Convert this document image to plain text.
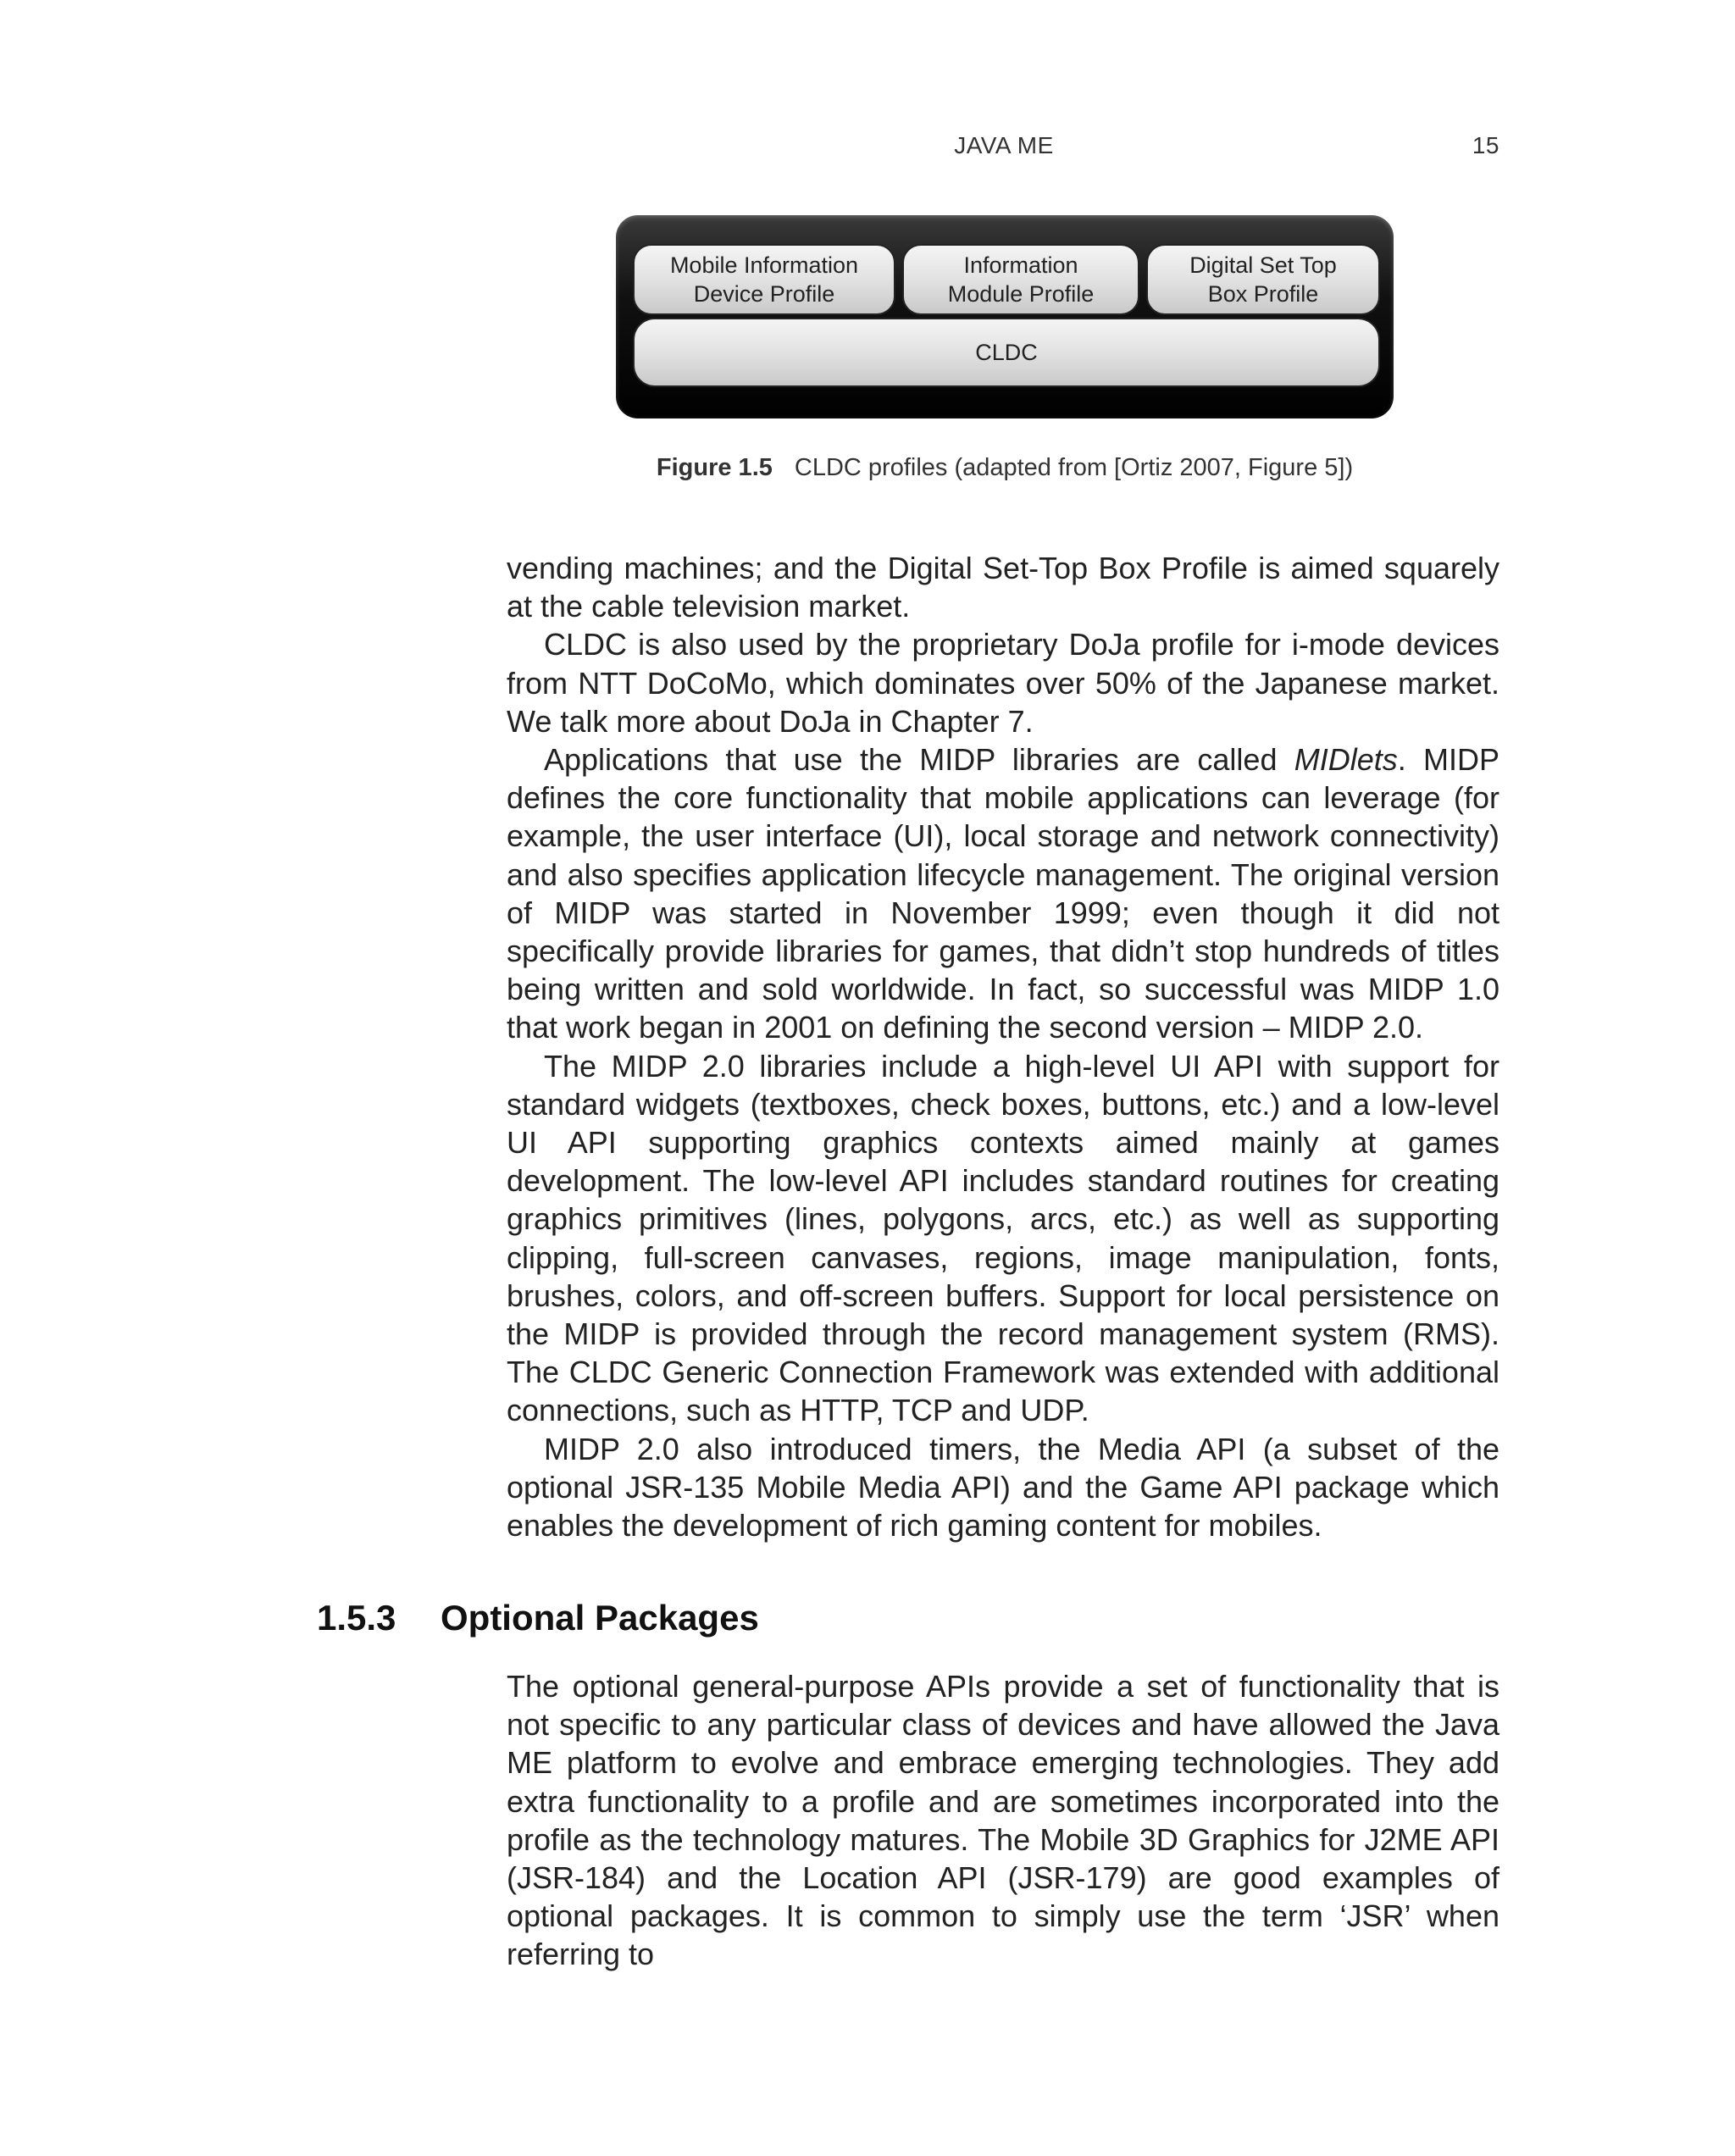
JAVA ME	15
Mobile Information
Device Profile
Information
Module Profile
Digital Set Top
Box Profile
CLDC
Figure 1.5 CLDC profiles (adapted from [Ortiz 2007, Figure 5])

vending machines; and the Digital Set-Top Box Profile is aimed squarely at the cable television market.

CLDC is also used by the proprietary DoJa profile for i-mode devices from NTT DoCoMo, which dominates over 50% of the Japanese market. We talk more about DoJa in Chapter 7.

Applications that use the MIDP libraries are called MIDlets. MIDP defines the core functionality that mobile applications can leverage (for example, the user interface (UI), local storage and network connectivity) and also specifies application lifecycle management. The original version of MIDP was started in November 1999; even though it did not specifically provide libraries for games, that didn’t stop hundreds of titles being written and sold worldwide. In fact, so successful was MIDP 1.0 that work began in 2001 on defining the second version – MIDP 2.0.

The MIDP 2.0 libraries include a high-level UI API with support for standard widgets (textboxes, check boxes, buttons, etc.) and a low-level UI API supporting graphics contexts aimed mainly at games development. The low-level API includes standard routines for creating graphics primitives (lines, polygons, arcs, etc.) as well as supporting clipping, full-screen canvases, regions, image manipulation, fonts, brushes, colors, and off-screen buffers. Support for local persistence on the MIDP is provided through the record management system (RMS). The CLDC Generic Connection Framework was extended with additional connections, such as HTTP, TCP and UDP.

MIDP 2.0 also introduced timers, the Media API (a subset of the optional JSR-135 Mobile Media API) and the Game API package which enables the development of rich gaming content for mobiles.

1.5.3 Optional Packages

The optional general-purpose APIs provide a set of functionality that is not specific to any particular class of devices and have allowed the Java ME platform to evolve and embrace emerging technologies. They add extra functionality to a profile and are sometimes incorporated into the profile as the technology matures. The Mobile 3D Graphics for J2ME API (JSR-184) and the Location API (JSR-179) are good examples of optional packages. It is common to simply use the term ‘JSR’ when referring to
